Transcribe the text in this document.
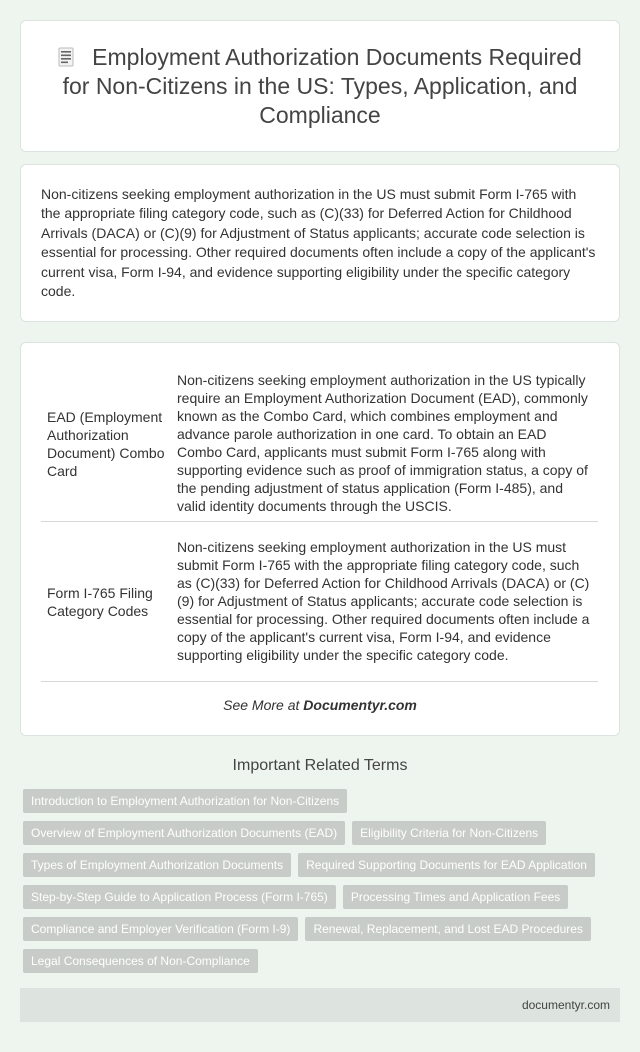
Employment Authorization Documents Required for Non-Citizens in the US: Types, Application, and Compliance

Non-citizens seeking employment authorization in the US must submit Form I-765 with the appropriate filing category code, such as (C)(33) for Deferred Action for Childhood Arrivals (DACA) or (C)(9) for Adjustment of Status applicants; accurate code selection is essential for processing. Other required documents often include a copy of the applicant's current visa, Form I-94, and evidence supporting eligibility under the specific category code.

EAD (Employment Authorization Document) Combo Card	Non-citizens seeking employment authorization in the US typically require an Employment Authorization Document (EAD), commonly known as the Combo Card, which combines employment and advance parole authorization in one card. To obtain an EAD Combo Card, applicants must submit Form I-765 along with supporting evidence such as proof of immigration status, a copy of the pending adjustment of status application (Form I-485), and valid identity documents through the USCIS.
Form I-765 Filing Category Codes	Non-citizens seeking employment authorization in the US must submit Form I-765 with the appropriate filing category code, such as (C)(33) for Deferred Action for Childhood Arrivals (DACA) or (C)(9) for Adjustment of Status applicants; accurate code selection is essential for processing. Other required documents often include a copy of the applicant's current visa, Form I-94, and evidence supporting eligibility under the specific category code.
See More at Documentyr.com
Important Related Terms
Introduction to Employment Authorization for Non-Citizens
Overview of Employment Authorization Documents (EAD)	Eligibility Criteria for Non-Citizens
Types of Employment Authorization Documents	Required Supporting Documents for EAD Application
Step-by-Step Guide to Application Process (Form I-765)	Processing Times and Application Fees
Compliance and Employer Verification (Form I-9)	Renewal, Replacement, and Lost EAD Procedures
Legal Consequences of Non-Compliance
documentyr.com
